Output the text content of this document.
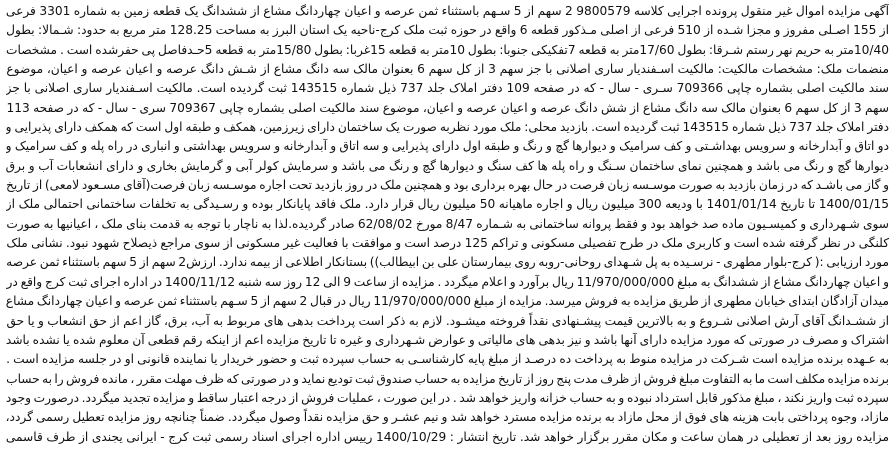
آگهی مزایده اموال غیر منقول پرونده اجرایی کلاسه 9800579 2 سهم از 5 سـهم باستثناء ثمن عرصه و اعیان چهاردانگ مشاع از ششدانگ یک قطعه زمین به شماره 3301 فرعی
از 155 اصـلی مفروز و مجزا شـده از 510 فرعی از اصلی مـذکور قطعه 6 واقع در حوزه ثبت ملک کرج-ناحیه یک استان البرز به مساحت 128.25 متر مربع به حدود: شـمالا: بطول
10/40متر به حریم نهر رستم شـرقا: بطول 17/60متر به قطعه 7تفکیکی جنوبا: بطول 10متر به قطعه 15غربا: بطول 15/80متر به قطعه 5حـدفاصل پی حفرشده است . مشخصات
منضمات ملک: مشخصات مالکیت: مالکیت اسـفندیار ساری اصلانی با جز سهم 3 از کل سهم 6 بعنوان مالک سه دانگ مشاع از شـش دانگ عرصه و اعیان عرصه و اعیان، موضوع
سند مالکیت اصلی بشماره چاپی 709366 سـری - سال - که در صفحه 109 دفتر املاک جلد 737 ذیل شماره 143515 ثبت گردیده است. مالکیت اسـفندیار ساری اصلانی با جز
سهم 3 از کل سهم 6 بعنوان مالک سه دانگ مشاع از شش دانگ عرصه و اعیان عرصه و اعیان، موضوع سند مالکیت اصلی بشماره چاپی 709367 سری - سال - که در صفحه 113
دفتر املاک جلد 737 ذیل شماره 143515 ثبت گردیده است. بازدید محلی: ملک مورد نظربه صورت یک ساختمان دارای زیرزمین، همکف و طبقه اول است که همکف دارای پذیرایی و
دو اتاق و آبدارخانه و سرویس بهداشـتی و کف سرامیک و دیوارها گچ و رنگ و طبقه اول دارای پذیرایی و سه اتاق و آبدارخانه و سرویس بهداشتی و انباری در راه پله و کف سرامیک و
دیوارها گچ و رنگ می باشد و همچنین نمای ساختمان سـنگ و راه پله ها کف سنگ و دیوارها گچ و رنگ می باشد و سرمایش کولر آبی و گرمایش بخاری و دارای انشعابات آب و برق
و گاز می باشـد که در زمان بازدید به صورت موسـسه زبان فرصت در حال بهره برداری بود و همچنین ملک در روز بازدید تحت اجاره موسـسه زبان فرصت(آقای مسـعود لامعی) از تاریخ
1400/01/15 تا تاریخ 1401/01/14 با ودیعه 300 میلیون ریال و اجاره ماهیانه 50 میلیون ریال قرار دارد. ملک فاقد پایانکار بوده و رسـیدگی به تخلفات ساختمانی احتمالی ملک از
سوی شـهرداری و کمیسـیون ماده صد خواهد بود و فقط پروانه ساختمانی به شـماره 8/47 مورخ 62/08/02 صادر گردیده.لذا به ناچار با توجه به قدمت بنای ملک ، اعیانیها به صورت
کلنگی در نظر گرفته شده است و کاربری ملک در طرح تفصیلی مسکونی و تراکم 125 درصد است و موافقت با فعالیت غیر مسکونی از سوی مراجع ذیصلاح شهود نبود. نشانی ملک
مورد ارزیابی :( کرج-بلوار مطهری - نرسـیده به پل شـهدای روحانی-روبه روی بیمارستان علی بن ابیطالب)) بستانکار اطلاعی از بیمه ندارد. ارزش2 سهم از 5 سهم باستثناء ثمن عرصه
و اعیان چهاردانگ مشاع از ششدانگ به مبلغ 11/970/000/000 ریال برآورد و اعلام میگردد . مزایده از ساعت 9 الی 12 روز سه شنبه 1400/11/12 در اداره اجرای ثبت کرج واقع در
میدان آزادگان ابتدای خیابان مطهری از طریق مزایده به فروش میرسد. مزایده از مبلغ 11/970/000/000 ریال در قبال 2 سهم از 5 سـهم باستثناء ثمن عرصه و اعیان چهاردانگ مشاع
از ششـدانگ آقای آرش اصلانی شـروع و به بالاترین قیمت پیشـنهادی نقداً فروخته میشـود. لازم به ذکر است پرداخت بدهی های مربوط به آب، برق، گاز اعم از حق انشعاب و یا حق
اشتراک و مصرف در صورتی که مورد مزایده دارای آنها باشد و نیز بدهی های مالیاتی و عوارض شـهرداری و غیره تا تاریخ مزایده اعم از اینکه رقم قطعی آن معلوم شده یا نشده باشد
به عـهده برنده مزایده است شـرکت در مزایده منوط به پرداخت ده درصـد از مبلغ پایه کارشناسـی به حساب سپرده ثبت و حضور خریدار یا نماینده قانونی او در جلسه مزایده است .
برنده مزایده مکلف است ما به التفاوت مبلغ فروش از ظرف مدت پنج روز از تاریخ مزایده به حساب صندوق ثبت تودیع نماید و در صورتی که ظرف مهلت مقرر ، مانده فروش را به حساب
سپرده ثبت واریز نکند ، مبلغ مذکور قابل استرداد نبوده و به حساب خزانه واریز خواهد شد . در این صورت ، عملیات فروش از درجه اعتبار ساقط و مزایده تجدید میگردد. درصورت وجود
مازاد، وجوه پرداختی بابت هزینه های فوق از محل مازاد به برنده مزایده مسترد خواهد شد و نیم عشـر و حق مزایده نقداً وصول میگردد. ضمناً چنانچه روز مزایده تعطیل رسمی گردد،
مزایده روز بعد از تعطیلی در همان ساعت و مکان مقرر برگزار خواهد شد. تاریخ انتشار : 1400/10/29 رییس اداره اجرای اسناد رسمی ثبت کرج - ایرانی یجندی از طرف قاسمی
